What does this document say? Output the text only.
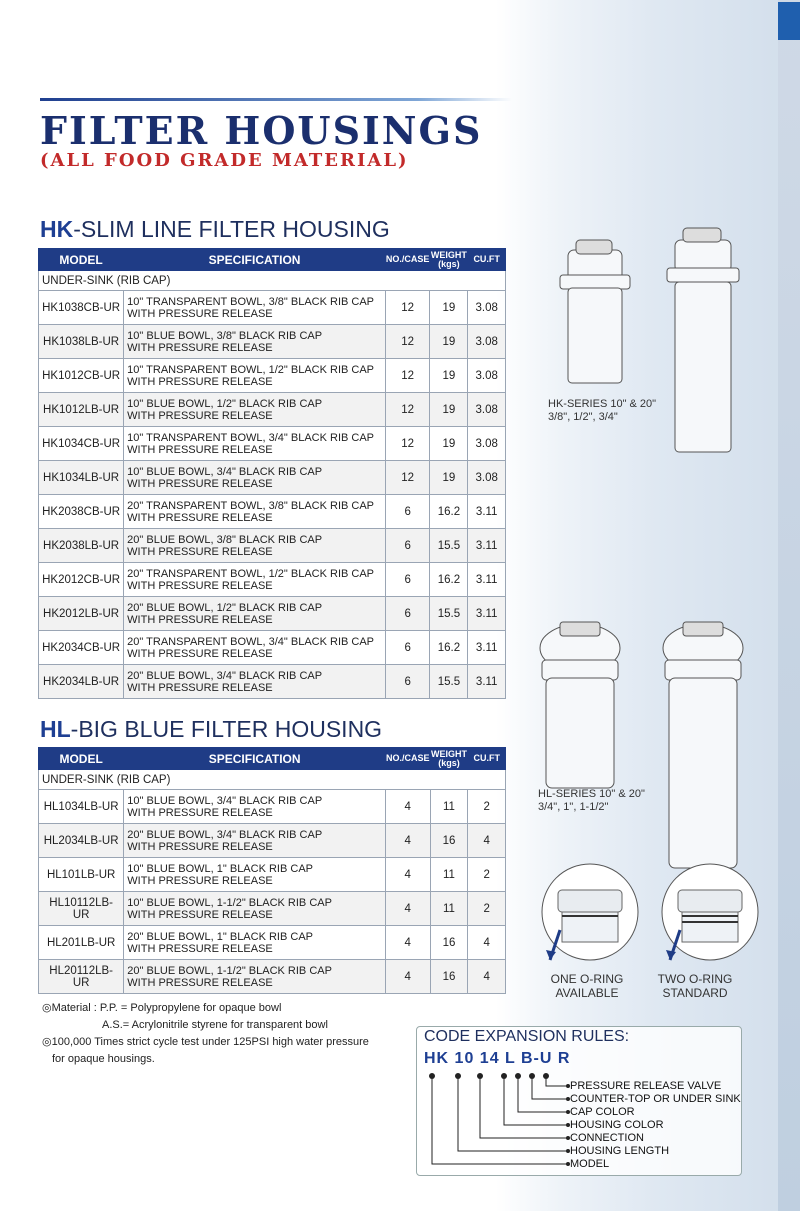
FILTER HOUSINGS
(ALL FOOD GRADE MATERIAL)
HK-SLIM LINE FILTER HOUSING
MODEL	SPECIFICATION	NO./CASE	WEIGHT
(kgs)	CU.FT
UNDER-SINK (RIB CAP)				
HK1038CB-UR	10" TRANSPARENT BOWL, 3/8" BLACK RIB CAP
WITH PRESSURE RELEASE	12	19	3.08
HK1038LB-UR	10" BLUE BOWL, 3/8" BLACK RIB CAP
WITH PRESSURE RELEASE	12	19	3.08
HK1012CB-UR	10" TRANSPARENT BOWL, 1/2" BLACK RIB CAP
WITH PRESSURE RELEASE	12	19	3.08
HK1012LB-UR	10" BLUE BOWL, 1/2" BLACK RIB CAP
WITH PRESSURE RELEASE	12	19	3.08
HK1034CB-UR	10" TRANSPARENT BOWL, 3/4" BLACK RIB CAP
WITH PRESSURE RELEASE	12	19	3.08
HK1034LB-UR	10" BLUE BOWL, 3/4" BLACK RIB CAP
WITH PRESSURE RELEASE	12	19	3.08
HK2038CB-UR	20" TRANSPARENT BOWL, 3/8" BLACK RIB CAP
WITH PRESSURE RELEASE	6	16.2	3.11
HK2038LB-UR	20" BLUE BOWL, 3/8" BLACK RIB CAP
WITH PRESSURE RELEASE	6	15.5	3.11
HK2012CB-UR	20" TRANSPARENT BOWL, 1/2" BLACK RIB CAP
WITH PRESSURE RELEASE	6	16.2	3.11
HK2012LB-UR	20" BLUE BOWL, 1/2" BLACK RIB CAP
WITH PRESSURE RELEASE	6	15.5	3.11
HK2034CB-UR	20" TRANSPARENT BOWL, 3/4" BLACK RIB CAP
WITH PRESSURE RELEASE	6	16.2	3.11
HK2034LB-UR	20" BLUE BOWL, 3/4" BLACK RIB CAP
WITH PRESSURE RELEASE	6	15.5	3.11
HL-BIG BLUE FILTER HOUSING
MODEL	SPECIFICATION	NO./CASE	WEIGHT
(kgs)	CU.FT
UNDER-SINK (RIB CAP)				
HL1034LB-UR	10" BLUE BOWL, 3/4" BLACK RIB CAP
WITH PRESSURE RELEASE	4	11	2
HL2034LB-UR	20" BLUE BOWL, 3/4" BLACK RIB CAP
WITH PRESSURE RELEASE	4	16	4
HL101LB-UR	10" BLUE BOWL, 1" BLACK RIB CAP
WITH PRESSURE RELEASE	4	11	2
HL10112LB-UR	10" BLUE BOWL, 1-1/2" BLACK RIB CAP
WITH PRESSURE RELEASE	4	11	2
HL201LB-UR	20" BLUE BOWL, 1" BLACK RIB CAP
WITH PRESSURE RELEASE	4	16	4
HL20112LB-UR	20" BLUE BOWL, 1-1/2" BLACK RIB CAP
WITH PRESSURE RELEASE	4	16	4
◎Material : P.P. = Polypropylene for opaque bowl
A.S.= Acrylonitrile styrene for transparent bowl
◎100,000 Times strict cycle test under 125PSI high water pressure
for opaque housings.
HK-SERIES 10" & 20"
3/8", 1/2", 3/4"
HL-SERIES 10" & 20"
3/4", 1", 1-1/2"
ONE O-RING
AVAILABLE
TWO O-RING
STANDARD
CODE EXPANSION RULES:
HK 10 14 L B-U R
PRESSURE RELEASE VALVE
COUNTER-TOP OR UNDER SINK
CAP COLOR
HOUSING COLOR
CONNECTION
HOUSING LENGTH
MODEL
